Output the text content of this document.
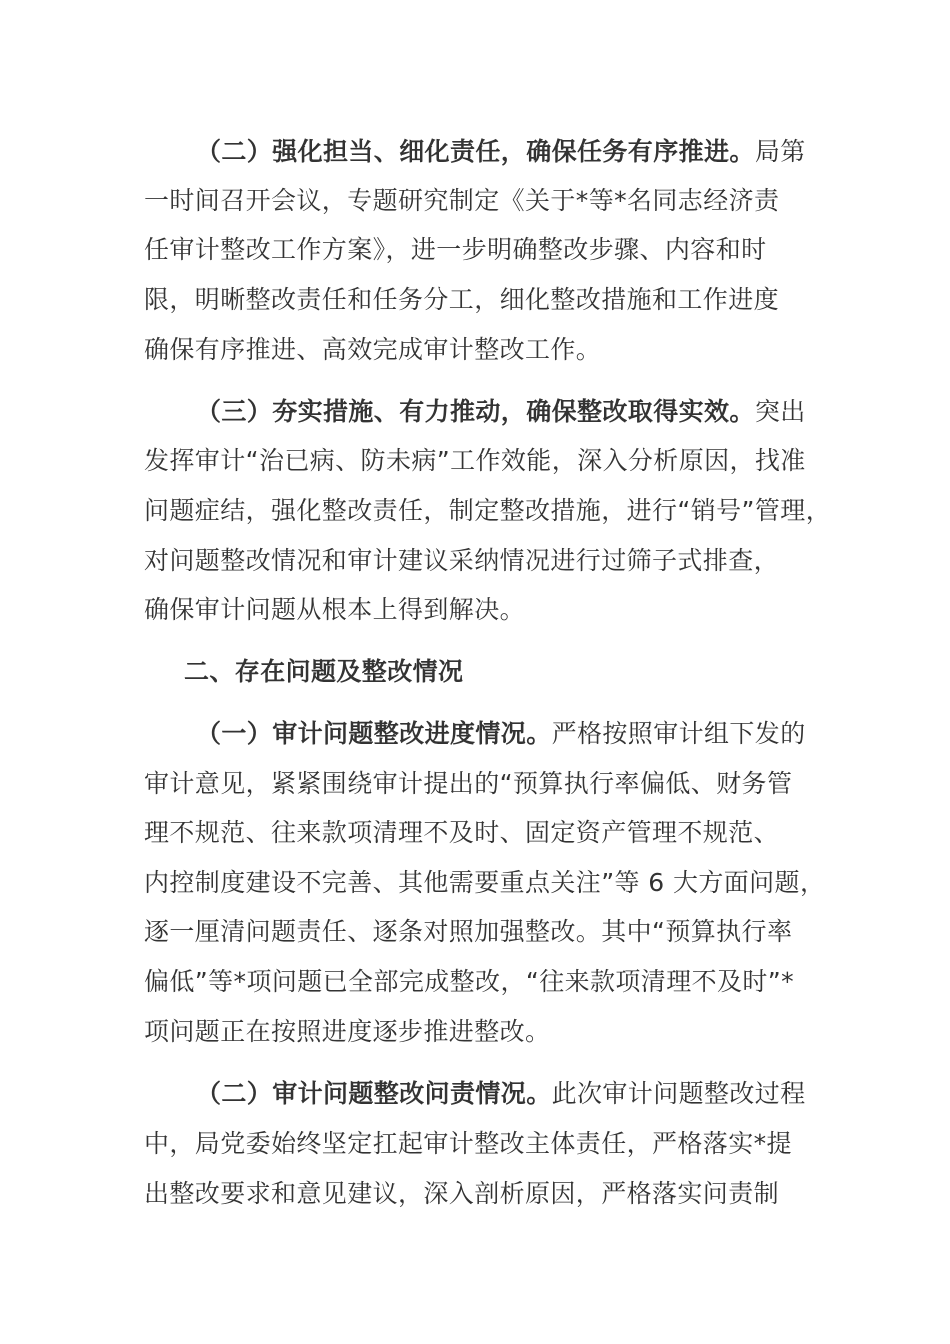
（二）强化担当、细化责任，确保任务有序推进。局第
一时间召开会议，专题研究制定《关于*等*名同志经济责
任审计整改工作方案》，进一步明确整改步骤、内容和时
限，明晰整改责任和任务分工，细化整改措施和工作进度
确保有序推进、高效完成审计整改工作。
（三）夯实措施、有力推动，确保整改取得实效。突出
发挥审计“治已病、防未病”工作效能，深入分析原因，找准
问题症结，强化整改责任，制定整改措施，进行“销号”管理，
对问题整改情况和审计建议采纳情况进行过筛子式排查，
确保审计问题从根本上得到解决。
二、存在问题及整改情况
（一）审计问题整改进度情况。严格按照审计组下发的
审计意见，紧紧围绕审计提出的“预算执行率偏低、财务管
理不规范、往来款项清理不及时、固定资产管理不规范、
内控制度建设不完善、其他需要重点关注”等 6 大方面问题，
逐一厘清问题责任、逐条对照加强整改。其中“预算执行率
偏低”等*项问题已全部完成整改，“往来款项清理不及时”*
项问题正在按照进度逐步推进整改。
（二）审计问题整改问责情况。此次审计问题整改过程
中，局党委始终坚定扛起审计整改主体责任，严格落实*提
出整改要求和意见建议，深入剖析原因，严格落实问责制
